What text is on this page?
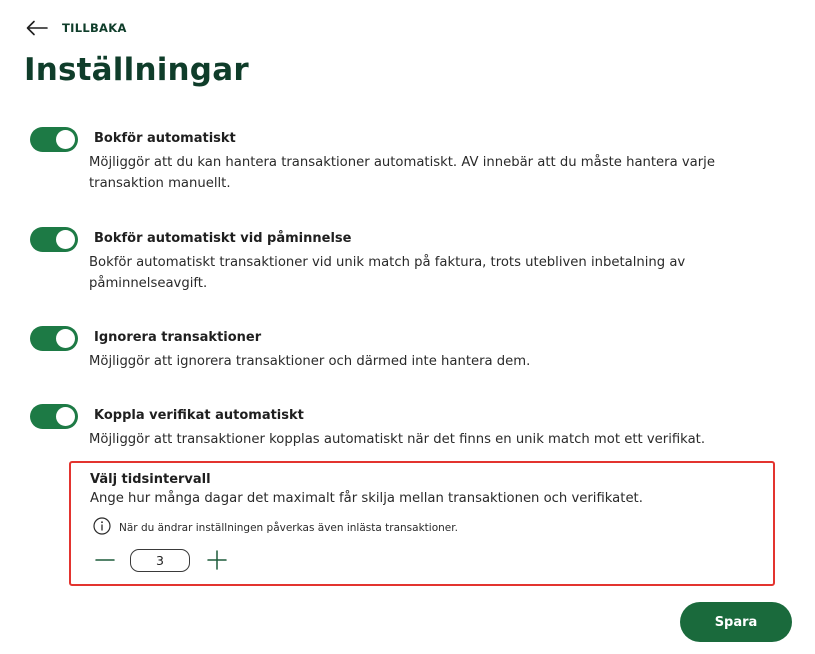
TILLBAKA
Inställningar
Bokför automatiskt
Möjliggör att du kan hantera transaktioner automatiskt. AV innebär att du måste hantera varje transaktion manuellt.
Bokför automatiskt vid påminnelse
Bokför automatiskt transaktioner vid unik match på faktura, trots utebliven inbetalning av påminnelseavgift.
Ignorera transaktioner
Möjliggör att ignorera transaktioner och därmed inte hantera dem.
Koppla verifikat automatiskt
Möjliggör att transaktioner kopplas automatiskt när det finns en unik match mot ett verifikat.
Välj tidsintervall
Ange hur många dagar det maximalt får skilja mellan transaktionen och verifikatet.
När du ändrar inställningen påverkas även inlästa transaktioner.
3
Spara
